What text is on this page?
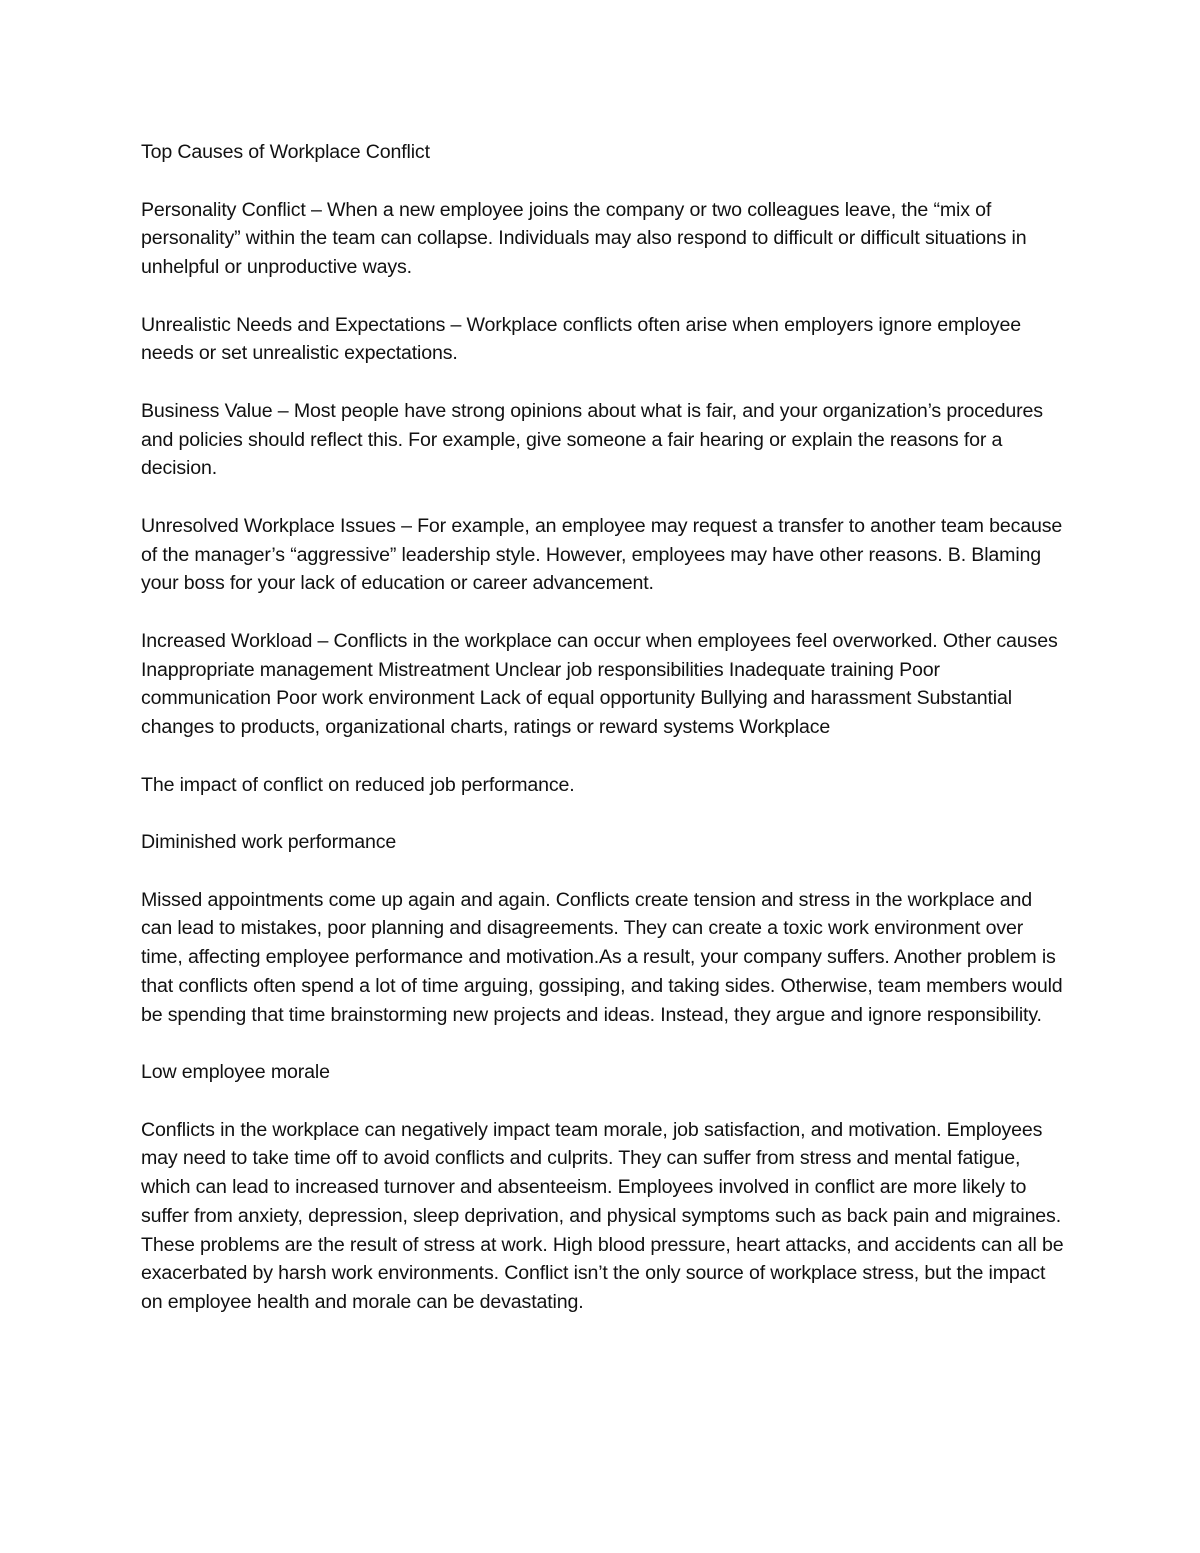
Top Causes of Workplace Conflict

Personality Conflict – When a new employee joins the company or two colleagues leave, the “mix of personality” within the team can collapse. Individuals may also respond to difficult or difficult situations in unhelpful or unproductive ways.

Unrealistic Needs and Expectations – Workplace conflicts often arise when employers ignore employee needs or set unrealistic expectations.

Business Value – Most people have strong opinions about what is fair, and your organization’s procedures and policies should reflect this. For example, give someone a fair hearing or explain the reasons for a decision.

Unresolved Workplace Issues – For example, an employee may request a transfer to another team because of the manager’s “aggressive” leadership style. However, employees may have other reasons. B. Blaming your boss for your lack of education or career advancement.

Increased Workload – Conflicts in the workplace can occur when employees feel overworked. Other causes Inappropriate management Mistreatment Unclear job responsibilities Inadequate training Poor communication Poor work environment Lack of equal opportunity Bullying and harassment Substantial changes to products, organizational charts, ratings or reward systems Workplace

The impact of conflict on reduced job performance.

Diminished work performance

Missed appointments come up again and again. Conflicts create tension and stress in the workplace and can lead to mistakes, poor planning and disagreements. They can create a toxic work environment over time, affecting employee performance and motivation.As a result, your company suffers. Another problem is that conflicts often spend a lot of time arguing, gossiping, and taking sides. Otherwise, team members would be spending that time brainstorming new projects and ideas. Instead, they argue and ignore responsibility.

Low employee morale

Conflicts in the workplace can negatively impact team morale, job satisfaction, and motivation. Employees may need to take time off to avoid conflicts and culprits. They can suffer from stress and mental fatigue, which can lead to increased turnover and absenteeism. Employees involved in conflict are more likely to suffer from anxiety, depression, sleep deprivation, and physical symptoms such as back pain and migraines. These problems are the result of stress at work. High blood pressure, heart attacks, and accidents can all be exacerbated by harsh work environments. Conflict isn’t the only source of workplace stress, but the impact on employee health and morale can be devastating.
